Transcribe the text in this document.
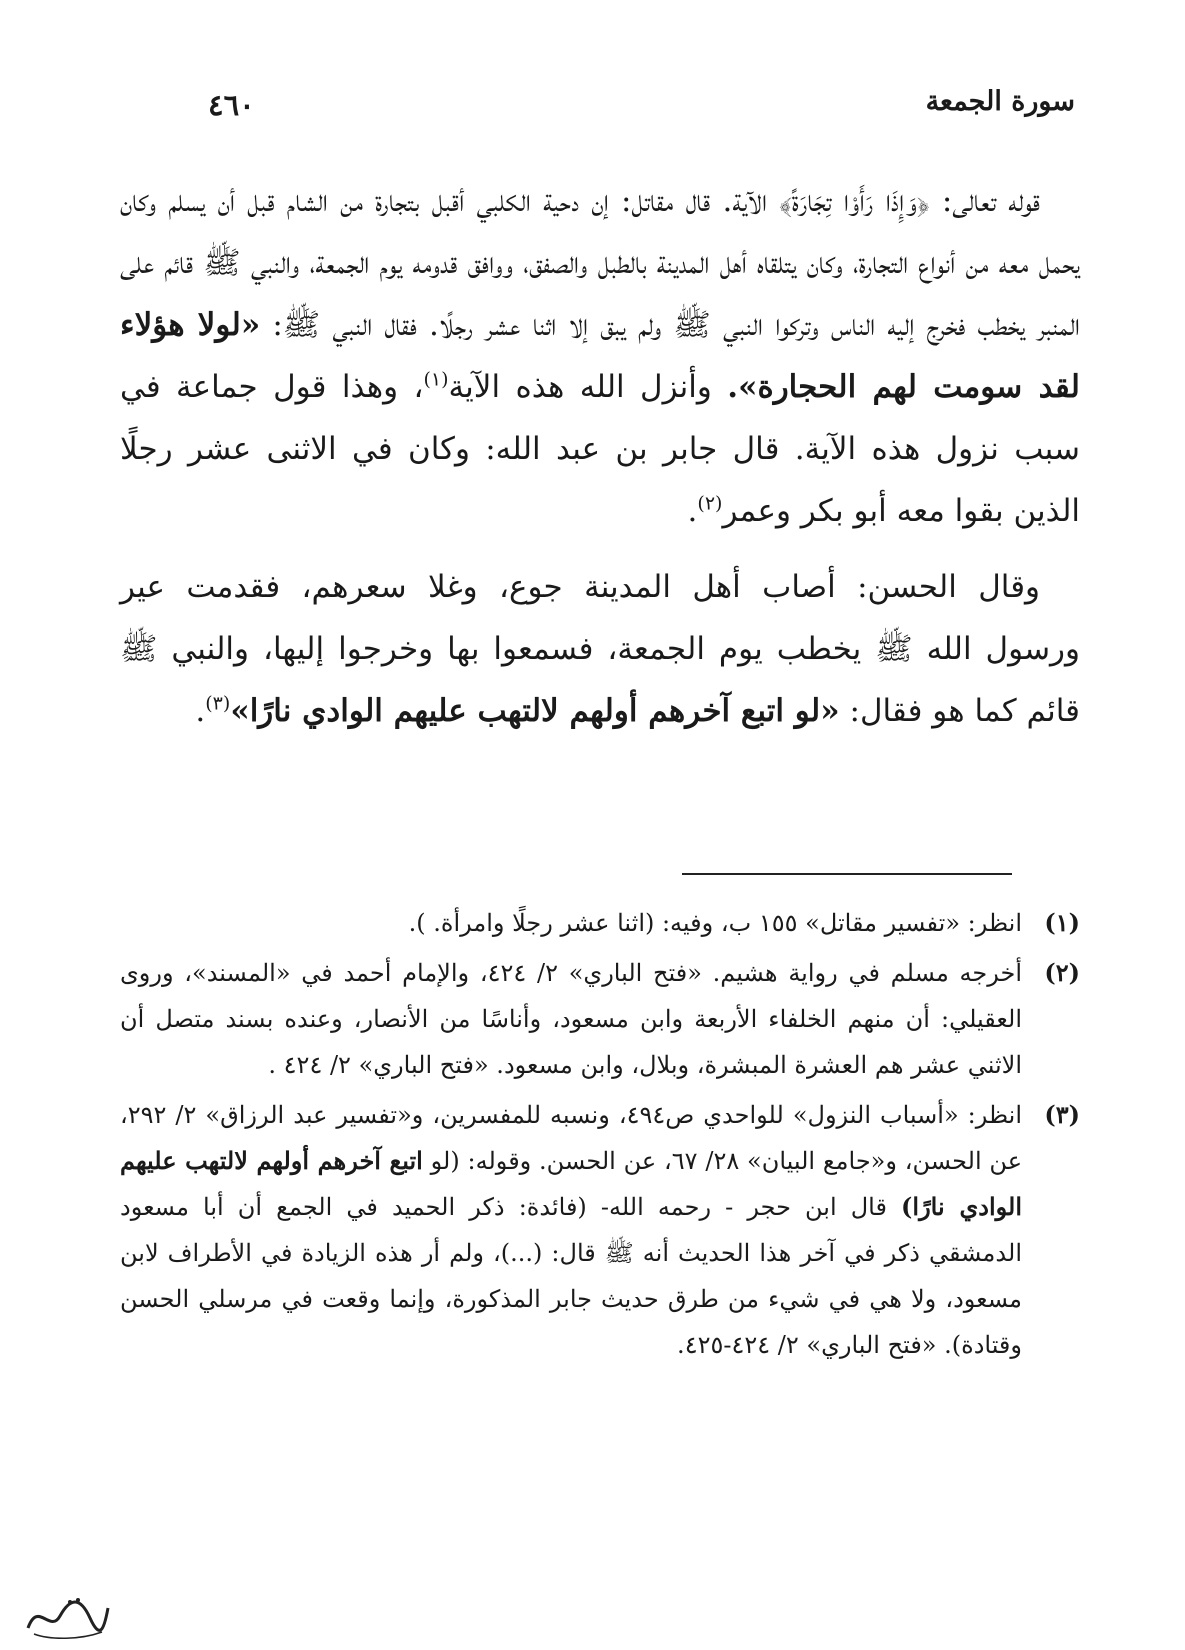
سورة الجمعة
٤٦٠

قوله تعالى: ﴿وَإِذَا رَأَوْا تِجَارَةً﴾ الآية. قال مقاتل: إن دحية الكلبي أقبل بتجارة من الشام قبل أن يسلم وكان يحمل معه من أنواع التجارة، وكان يتلقاه أهل المدينة بالطبل والصفق، ووافق قدومه يوم الجمعة، والنبي ﷺ قائم على المنبر يخطب فخرج إليه الناس وتركوا النبي ﷺ ولم يبق إلا اثنا عشر رجلًا. فقال النبي ﷺ: «لولا هؤلاء لقد سومت لهم الحجارة». وأنزل الله هذه الآية$^{(١)}$، وهذا قول جماعة في سبب نزول هذه الآية. قال جابر بن عبد الله: وكان في الاثنى عشر رجلًا الذين بقوا معه أبو بكر وعمر$^{(٢)}$.

وقال الحسن: أصاب أهل المدينة جوع، وغلا سعرهم، فقدمت عير ورسول الله ﷺ يخطب يوم الجمعة، فسمعوا بها وخرجوا إليها، والنبي ﷺ قائم كما هو فقال: «لو اتبع آخرهم أولهم لالتهب عليهم الوادي نارًا»$^{(٣)}$.

(١)
انظر: «تفسير مقاتل» ١٥٥ ب، وفيه: (اثنا عشر رجلًا وامرأة. ).
(٢)
أخرجه مسلم في رواية هشيم. «فتح الباري» ٢/ ٤٢٤، والإمام أحمد في «المسند»، وروى العقيلي: أن منهم الخلفاء الأربعة وابن مسعود، وأناسًا من الأنصار، وعنده بسند متصل أن الاثني عشر هم العشرة المبشرة، وبلال، وابن مسعود. «فتح الباري» ٢/ ٤٢٤ .
(٣)
انظر: «أسباب النزول» للواحدي ص٤٩٤، ونسبه للمفسرين، و«تفسير عبد الرزاق» ٢/ ٢٩٢، عن الحسن، و«جامع البيان» ٢٨/ ٦٧، عن الحسن. وقوله: (لو اتبع آخرهم أولهم لالتهب عليهم الوادي نارًا) قال ابن حجر - رحمه الله- (فائدة: ذكر الحميد في الجمع أن أبا مسعود الدمشقي ذكر في آخر هذا الحديث أنه ﷺ قال: (...)، ولم أر هذه الزيادة في الأطراف لابن مسعود، ولا هي في شيء من طرق حديث جابر المذكورة، وإنما وقعت في مرسلي الحسن وقتادة). «فتح الباري» ٢/ ٤٢٤-٤٢٥.
